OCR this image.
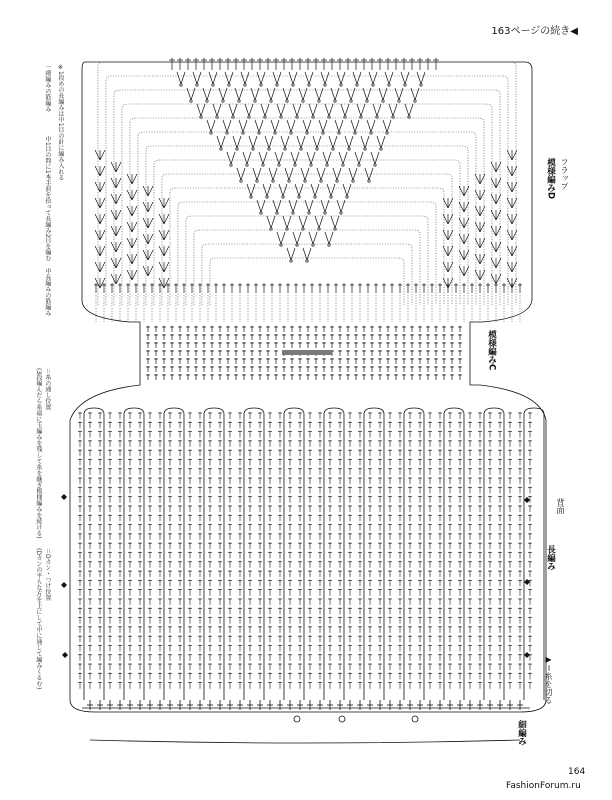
163ページの続き◀
フラップ
模様編みD
模様編みC
背面
長編み
▶＝糸を切る
細編み
※1段めの長編みは中1目の針に編み入れる
一細編みの筋編み
中1目の間に1本手前を拾って長編み2目を編む
中長編みの筋編み
＝糸の通し位置
(3段編んだら糸端に玉編みを残して糸を継ぎ模様編みを続ける)
＝Dカン・つけ位置
(Dカンの平らな方を上にして中に通して編みくるむ)
164
FashionForum.ru
